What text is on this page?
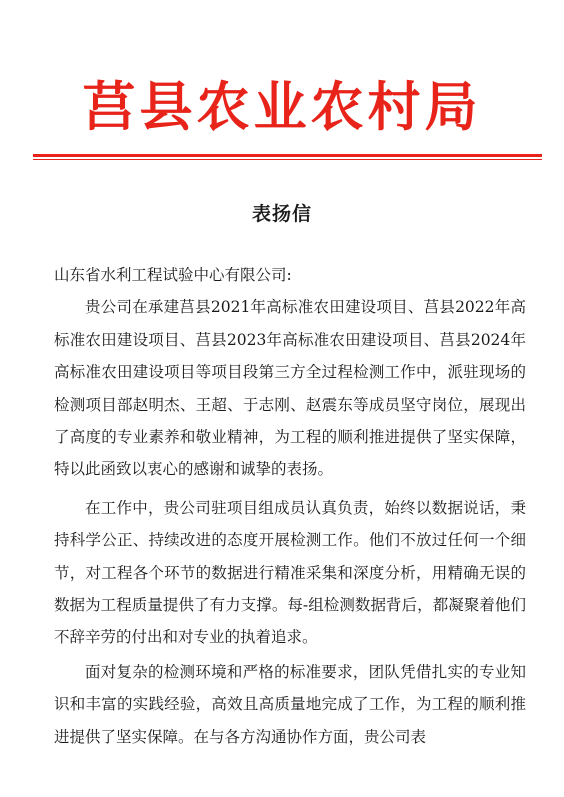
莒县农业农村局
表扬信

山东省水利工程试验中心有限公司:

贵公司在承建莒县2021年高标准农田建设项目、莒县2022年高标准农田建设项目、莒县2023年高标准农田建设项目、莒县2024年高标准农田建设项目等项目段第三方全过程检测工作中，派驻现场的检测项目部赵明杰、王超、于志刚、赵震东等成员坚守岗位，展现出了高度的专业素养和敬业精神，为工程的顺利推进提供了坚实保障，特以此函致以衷心的感谢和诚挚的表扬。

在工作中，贵公司驻项目组成员认真负责，始终以数据说话，秉持科学公正、持续改进的态度开展检测工作。他们不放过任何一个细节，对工程各个环节的数据进行精准采集和深度分析，用精确无误的数据为工程质量提供了有力支撑。每-组检测数据背后，都凝聚着他们不辞辛劳的付出和对专业的执着追求。

面对复杂的检测环境和严格的标准要求，团队凭借扎实的专业知识和丰富的实践经验，高效且高质量地完成了工作，为工程的顺利推进提供了坚实保障。在与各方沟通协作方面，贵公司表
